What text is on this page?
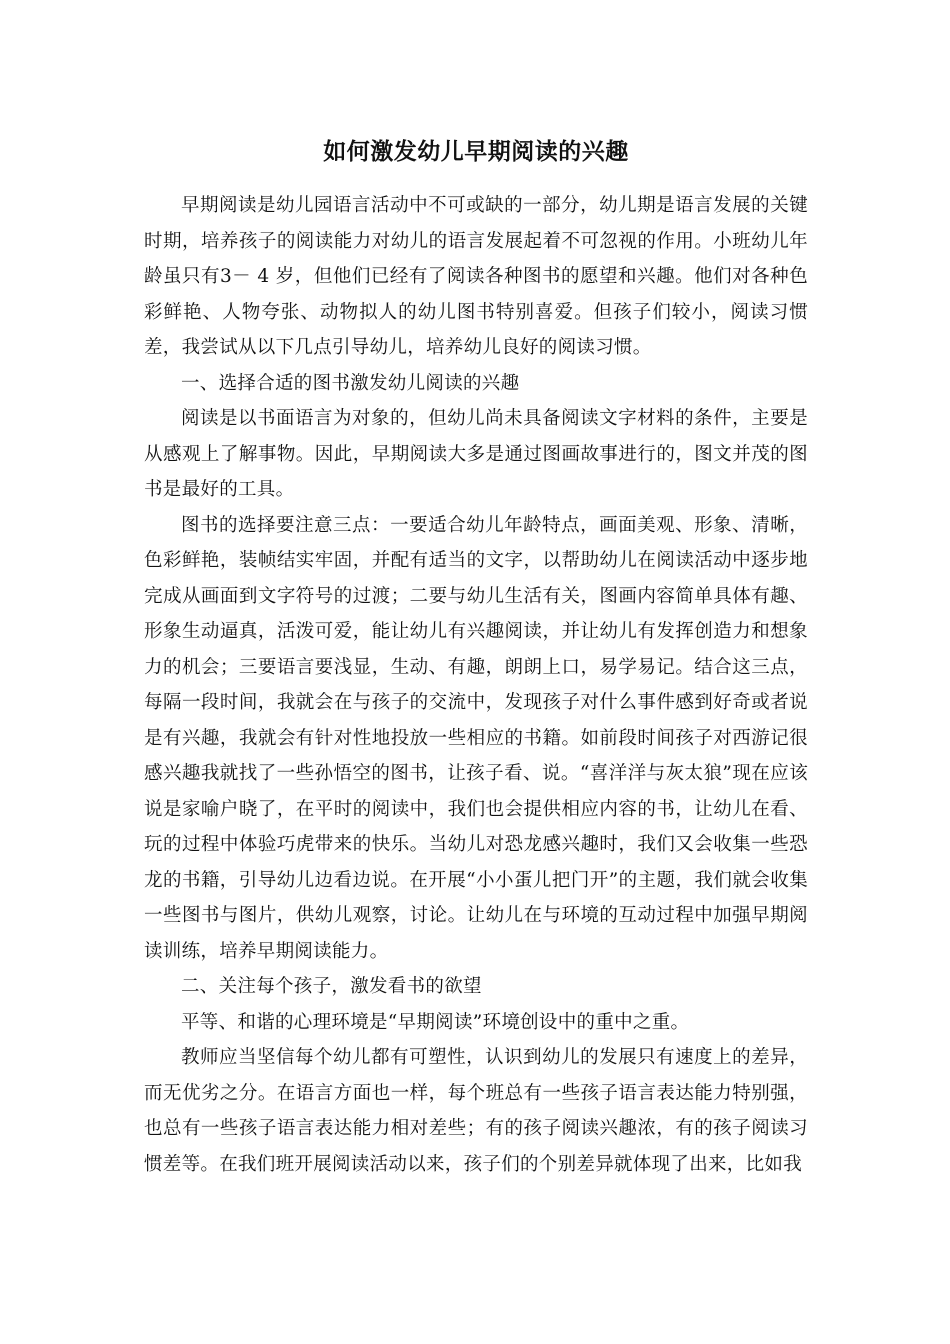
如何激发幼儿早期阅读的兴趣

早期阅读是幼儿园语言活动中不可或缺的一部分，幼儿期是语言发展的关键时期，培养孩子的阅读能力对幼儿的语言发展起着不可忽视的作用。小班幼儿年龄虽只有3－ 4 岁，但他们已经有了阅读各种图书的愿望和兴趣。他们对各种色彩鲜艳、人物夸张、动物拟人的幼儿图书特别喜爱。但孩子们较小，阅读习惯差，我尝试从以下几点引导幼儿，培养幼儿良好的阅读习惯。

一、选择合适的图书激发幼儿阅读的兴趣

阅读是以书面语言为对象的，但幼儿尚未具备阅读文字材料的条件，主要是从感观上了解事物。因此，早期阅读大多是通过图画故事进行的，图文并茂的图书是最好的工具。

图书的选择要注意三点：一要适合幼儿年龄特点，画面美观、形象、清晰，色彩鲜艳，装帧结实牢固，并配有适当的文字，以帮助幼儿在阅读活动中逐步地完成从画面到文字符号的过渡；二要与幼儿生活有关，图画内容简单具体有趣、形象生动逼真，活泼可爱，能让幼儿有兴趣阅读，并让幼儿有发挥创造力和想象力的机会；三要语言要浅显，生动、有趣，朗朗上口，易学易记。结合这三点，每隔一段时间，我就会在与孩子的交流中，发现孩子对什么事件感到好奇或者说是有兴趣，我就会有针对性地投放一些相应的书籍。如前段时间孩子对西游记很感兴趣我就找了一些孙悟空的图书，让孩子看、说。“喜洋洋与灰太狼”现在应该说是家喻户晓了，在平时的阅读中，我们也会提供相应内容的书，让幼儿在看、玩的过程中体验巧虎带来的快乐。当幼儿对恐龙感兴趣时，我们又会收集一些恐龙的书籍，引导幼儿边看边说。在开展“小小蛋儿把门开”的主题，我们就会收集一些图书与图片，供幼儿观察，讨论。让幼儿在与环境的互动过程中加强早期阅读训练，培养早期阅读能力。

二、关注每个孩子，激发看书的欲望

平等、和谐的心理环境是“早期阅读”环境创设中的重中之重。

教师应当坚信每个幼儿都有可塑性，认识到幼儿的发展只有速度上的差异，而无优劣之分。在语言方面也一样，每个班总有一些孩子语言表达能力特别强，也总有一些孩子语言表达能力相对差些；有的孩子阅读兴趣浓，有的孩子阅读习惯差等。在我们班开展阅读活动以来，孩子们的个别差异就体现了出来，比如我
